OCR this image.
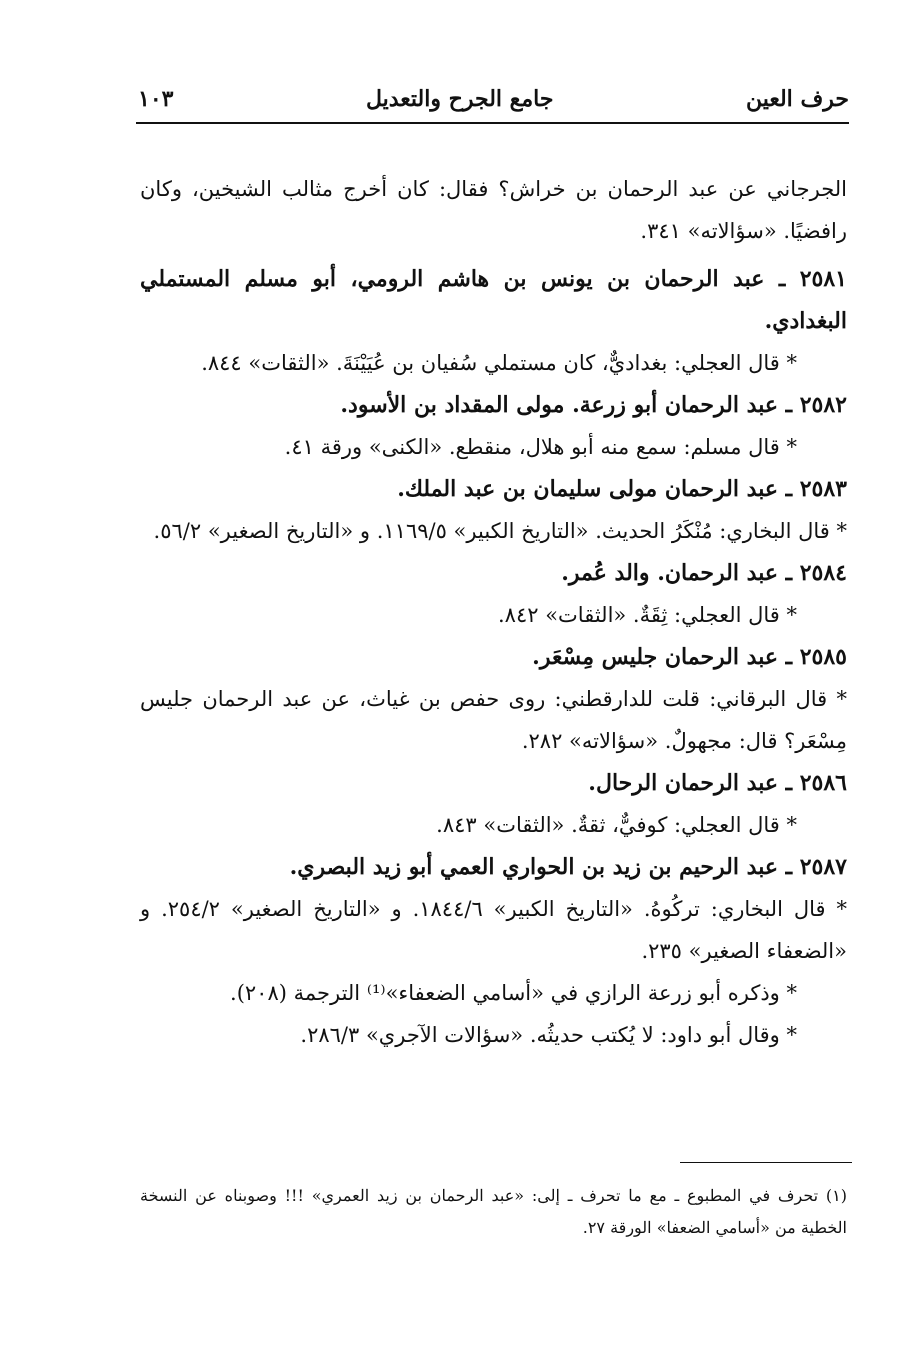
حرف العين
جامع الجرح والتعديل
١٠٣

الجرجاني عن عبد الرحمان بن خراش؟ فقال: كان أخرج مثالب الشيخين، وكان رافضيًا. «سؤالاته» ٣٤١.

٢٥٨١ ـ عبد الرحمان بن يونس بن هاشم الرومي، أبو مسلم المستملي البغدادي.

* قال العجلي: بغداديٌّ، كان مستملي سُفيان بن عُيَيْنَةَ. «الثقات» ٨٤٤.

٢٥٨٢ ـ عبد الرحمان أبو زرعة. مولى المقداد بن الأسود.

* قال مسلم: سمع منه أبو هلال، منقطع. «الكنى» ورقة ٤١.

٢٥٨٣ ـ عبد الرحمان مولى سليمان بن عبد الملك.

* قال البخاري: مُنْكَرُ الحديث. «التاريخ الكبير» ١١٦٩/٥. و «التاريخ الصغير» ٥٦/٢.

٢٥٨٤ ـ عبد الرحمان. والد عُمر.

* قال العجلي: ثِقَةٌ. «الثقات» ٨٤٢.

٢٥٨٥ ـ عبد الرحمان جليس مِسْعَر.

* قال البرقاني: قلت للدارقطني: روى حفص بن غياث، عن عبد الرحمان جليس مِسْعَر؟ قال: مجهولٌ. «سؤالاته» ٢٨٢.

٢٥٨٦ ـ عبد الرحمان الرحال.

* قال العجلي: كوفيٌّ، ثقةٌ. «الثقات» ٨٤٣.

٢٥٨٧ ـ عبد الرحيم بن زيد بن الحواري العمي أبو زيد البصري.

* قال البخاري: تركُوهُ. «التاريخ الكبير» ١٨٤٤/٦. و «التاريخ الصغير» ٢٥٤/٢. و «الضعفاء الصغير» ٢٣٥.

* وذكره أبو زرعة الرازي في «أسامي الضعفاء»⁽¹⁾ الترجمة (٢٠٨).

* وقال أبو داود: لا يُكتب حديثُه. «سؤالات الآجري» ٢٨٦/٣.

(١) تحرف في المطبوع ـ مع ما تحرف ـ إلى: «عبد الرحمان بن زيد العمري» !!! وصوبناه عن النسخة الخطية من «أسامي الضعفا» الورقة ٢٧.
